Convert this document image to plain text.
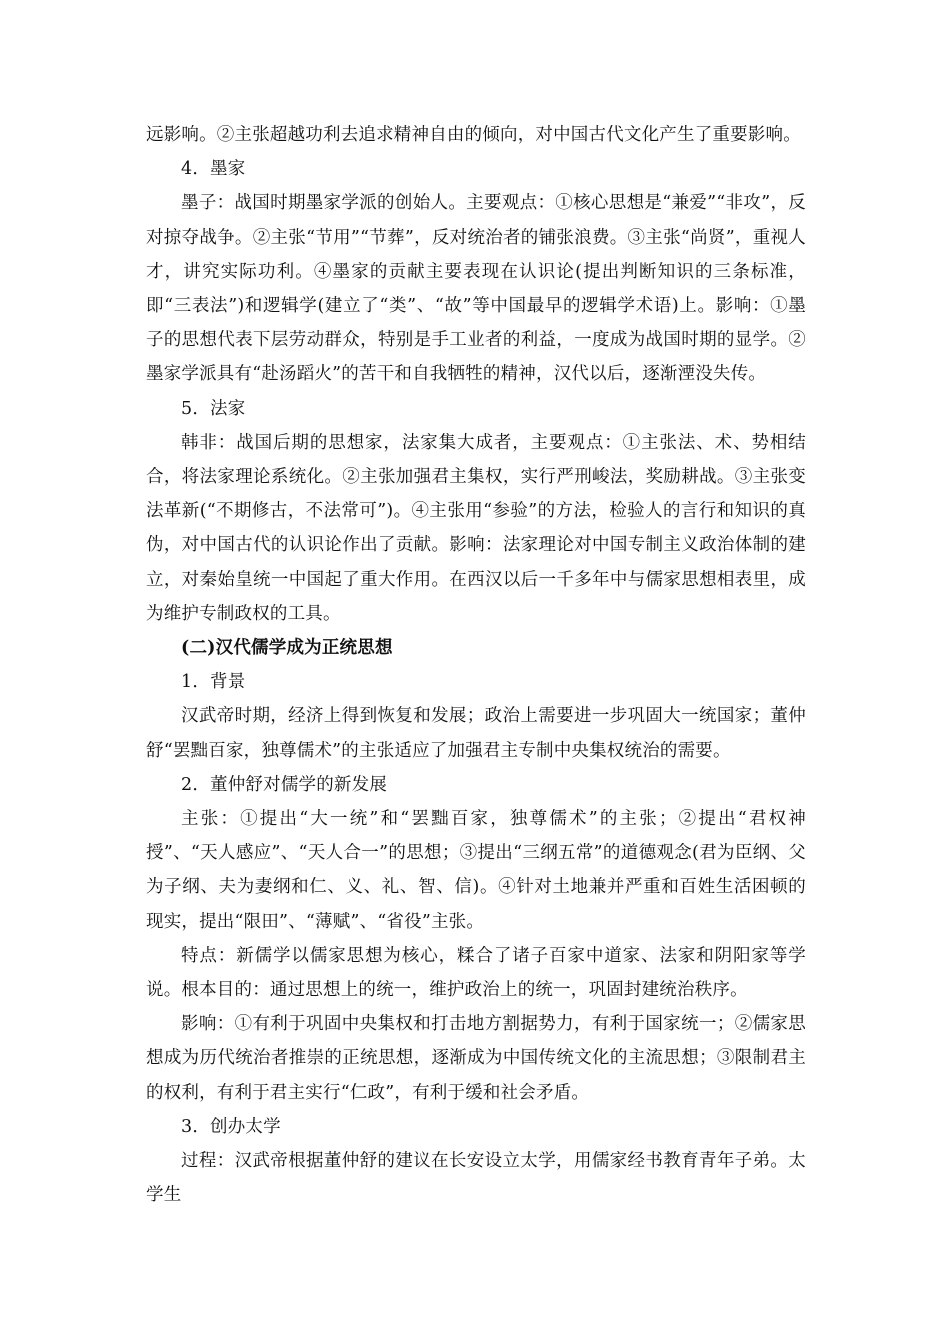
远影响。②主张超越功利去追求精神自由的倾向，对中国古代文化产生了重要影响。

4．墨家

墨子：战国时期墨家学派的创始人。主要观点：①核心思想是“兼爱”“非攻”，反对掠夺战争。②主张“节用”“节葬”，反对统治者的铺张浪费。③主张“尚贤”，重视人才，讲究实际功利。④墨家的贡献主要表现在认识论(提出判断知识的三条标准，即“三表法”)和逻辑学(建立了“类”、“故”等中国最早的逻辑学术语)上。影响：①墨子的思想代表下层劳动群众，特别是手工业者的利益，一度成为战国时期的显学。②墨家学派具有“赴汤蹈火”的苦干和自我牺牲的精神，汉代以后，逐渐湮没失传。

5．法家

韩非：战国后期的思想家，法家集大成者，主要观点：①主张法、术、势相结合，将法家理论系统化。②主张加强君主集权，实行严刑峻法，奖励耕战。③主张变法革新(“不期修古，不法常可”)。④主张用“参验”的方法，检验人的言行和知识的真伪，对中国古代的认识论作出了贡献。影响：法家理论对中国专制主义政治体制的建立，对秦始皇统一中国起了重大作用。在西汉以后一千多年中与儒家思想相表里，成为维护专制政权的工具。

(二)汉代儒学成为正统思想

1．背景

汉武帝时期，经济上得到恢复和发展；政治上需要进一步巩固大一统国家；董仲舒“罢黜百家，独尊儒术”的主张适应了加强君主专制中央集权统治的需要。

2．董仲舒对儒学的新发展

主张：①提出“大一统”和“罢黜百家，独尊儒术”的主张；②提出“君权神授”、“天人感应”、“天人合一”的思想；③提出“三纲五常”的道德观念(君为臣纲、父为子纲、夫为妻纲和仁、义、礼、智、信)。④针对土地兼并严重和百姓生活困顿的现实，提出“限田”、“薄赋”、“省役”主张。

特点：新儒学以儒家思想为核心，糅合了诸子百家中道家、法家和阴阳家等学说。根本目的：通过思想上的统一，维护政治上的统一，巩固封建统治秩序。

影响：①有利于巩固中央集权和打击地方割据势力，有利于国家统一；②儒家思想成为历代统治者推崇的正统思想，逐渐成为中国传统文化的主流思想；③限制君主的权利，有利于君主实行“仁政”，有利于缓和社会矛盾。

3．创办太学

过程：汉武帝根据董仲舒的建议在长安设立太学，用儒家经书教育青年子弟。太学生
